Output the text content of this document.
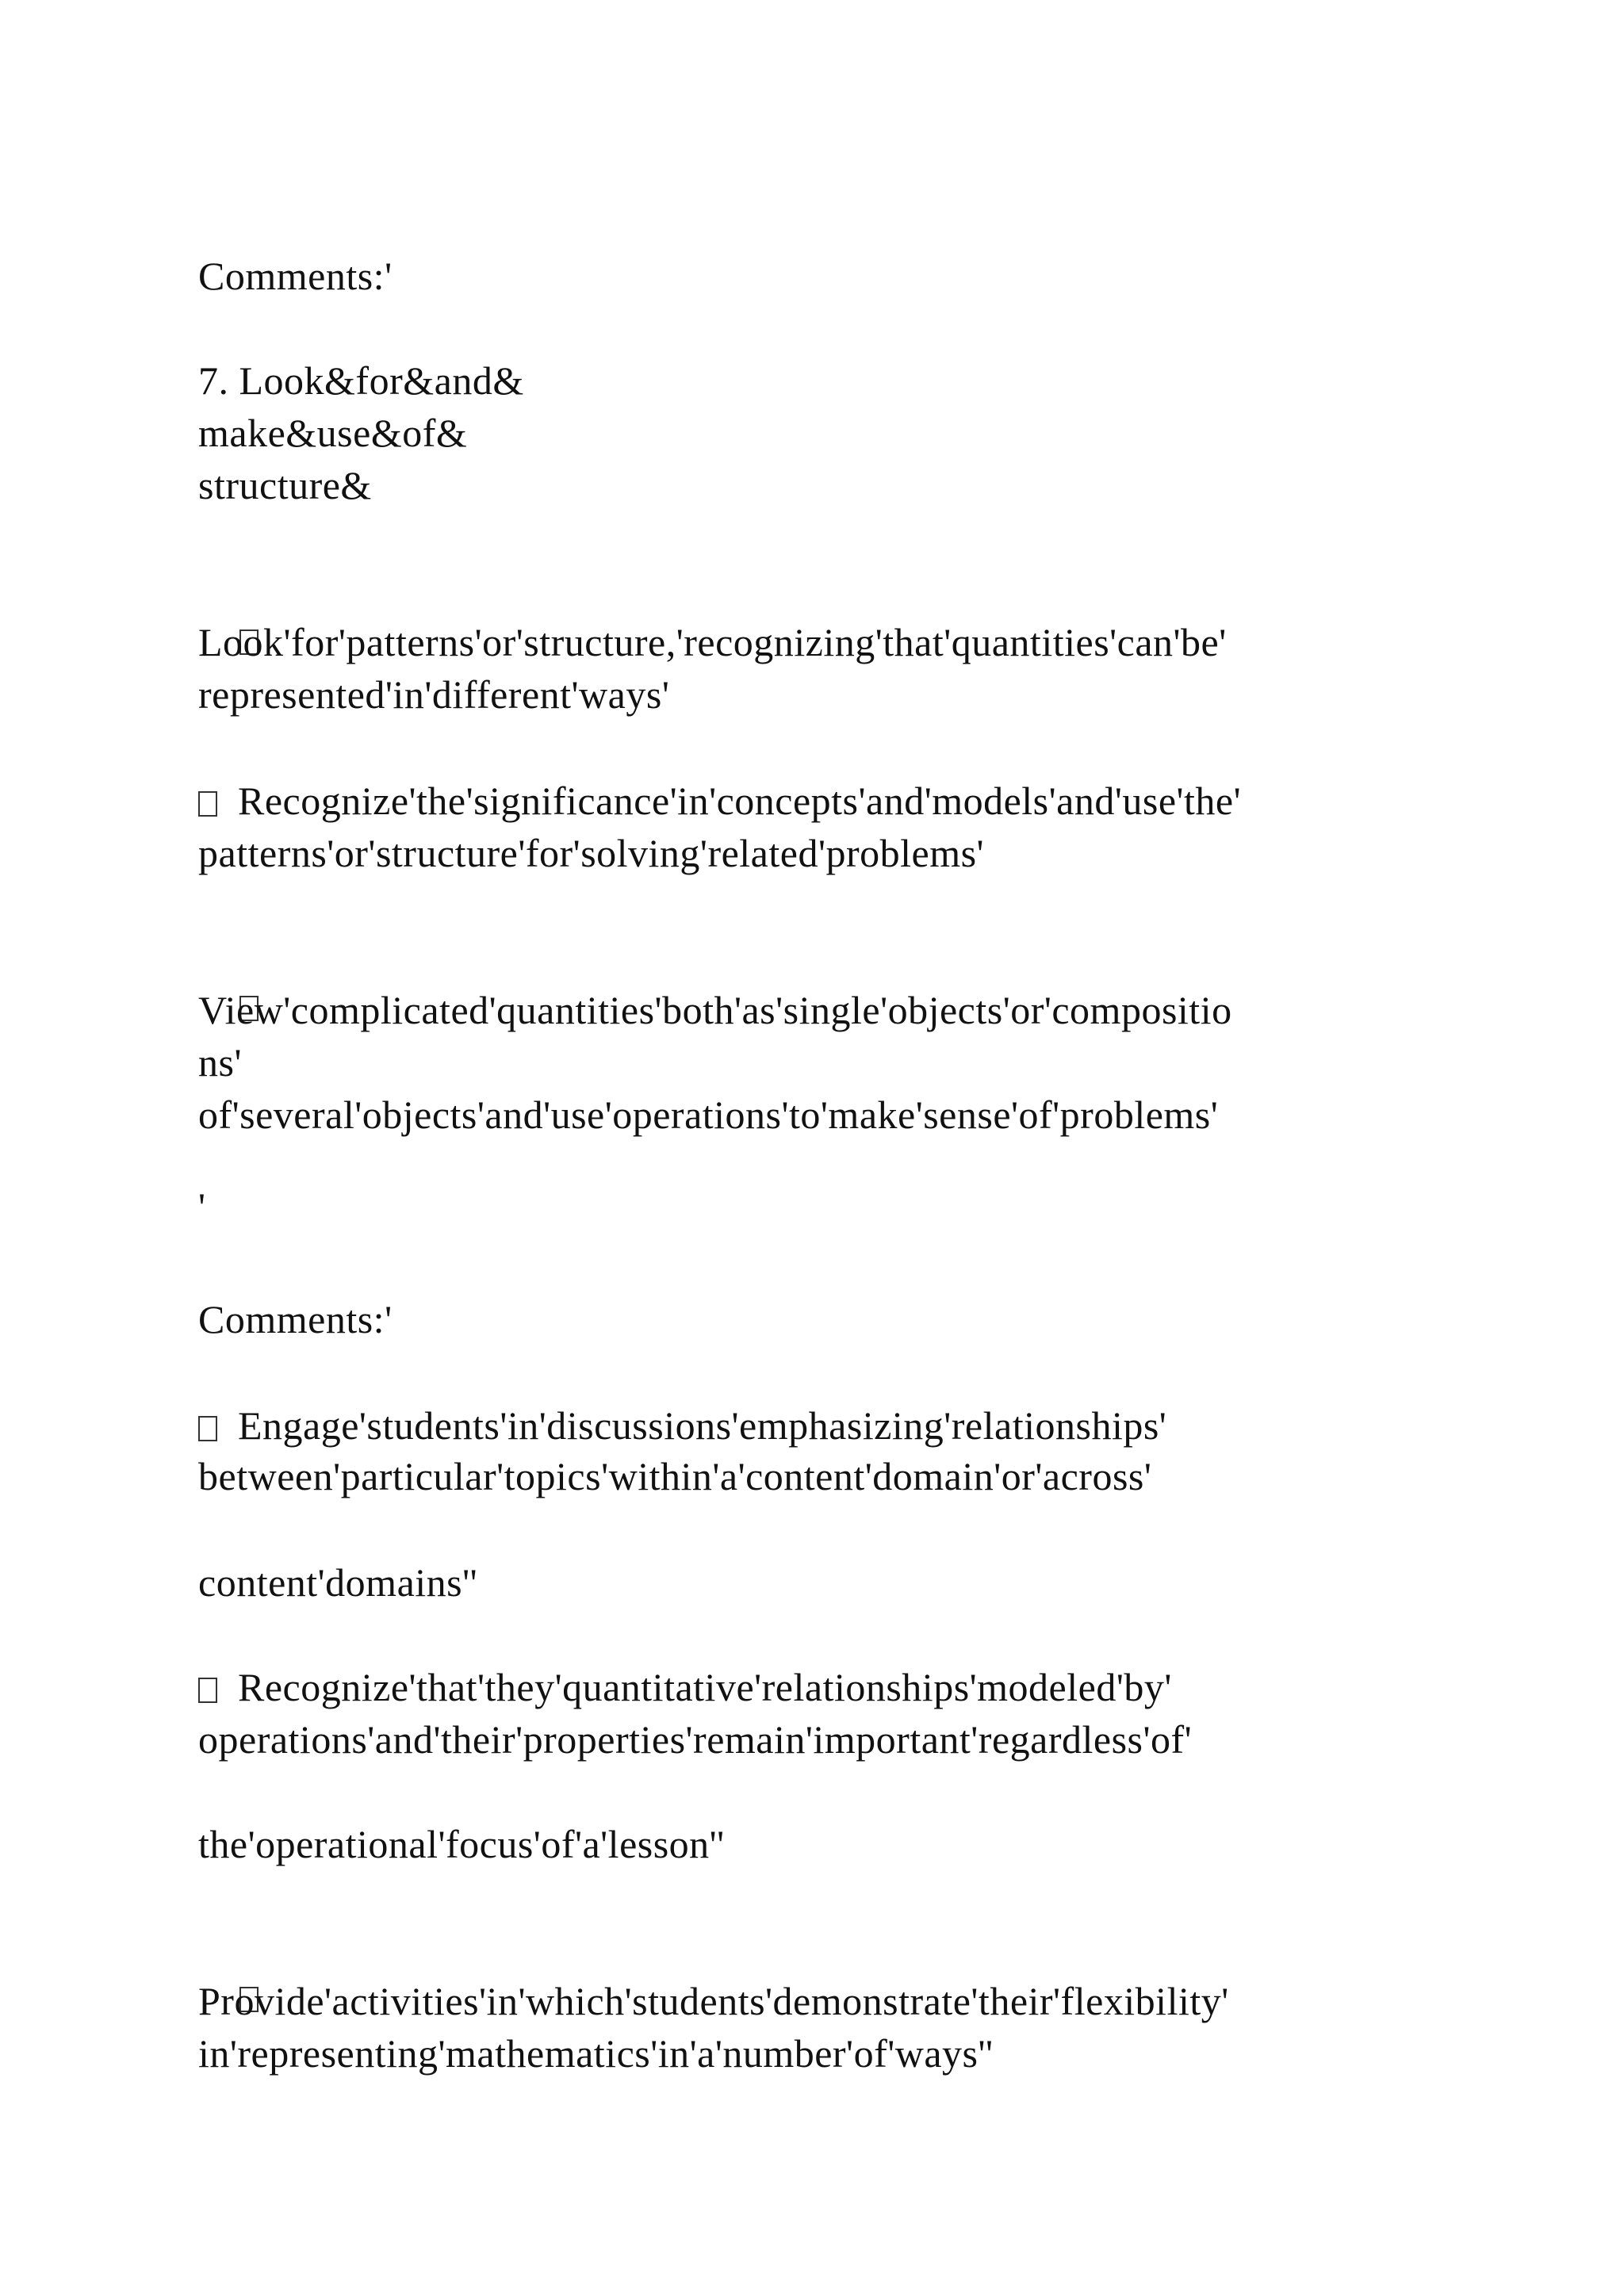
Comments:'
7. Look&for&and&
make&use&of&
structure&

Look'for'patterns'or'structure,'recognizing'that'quantities'can'be'
represented'in'different'ways'
Recognize'the'significance'in'concepts'and'models'and'use'the'
patterns'or'structure'for'solving'related'problems'

View'complicated'quantities'both'as'single'objects'or'compositio
ns'
of'several'objects'and'use'operations'to'make'sense'of'problems'
'
Comments:'
Engage'students'in'discussions'emphasizing'relationships'
between'particular'topics'within'a'content'domain'or'across'
content'domains''
Recognize'that'they'quantitative'relationships'modeled'by'
operations'and'their'properties'remain'important'regardless'of'
the'operational'focus'of'a'lesson''

Provide'activities'in'which'students'demonstrate'their'flexibility'
in'representing'mathematics'in'a'number'of'ways''
